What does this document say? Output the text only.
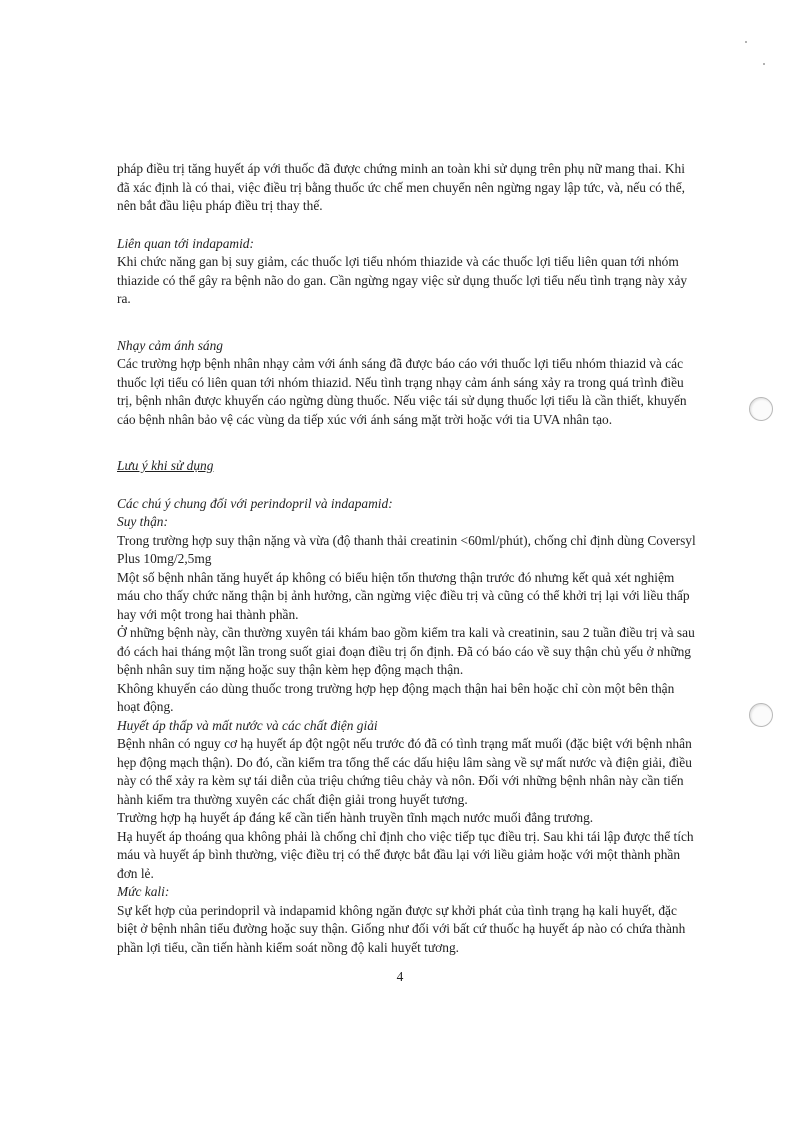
pháp điều trị tăng huyết áp với thuốc đã được chứng minh an toàn khi sử dụng trên phụ nữ mang thai. Khi đã xác định là có thai, việc điều trị bằng thuốc ức chế men chuyển nên ngừng ngay lập tức, và, nếu có thể, nên bắt đầu liệu pháp điều trị thay thế.

Liên quan tới indapamid:

Khi chức năng gan bị suy giảm, các thuốc lợi tiểu nhóm thiazide và các thuốc lợi tiểu liên quan tới nhóm thiazide có thể gây ra bệnh não do gan. Cần ngừng ngay việc sử dụng thuốc lợi tiểu nếu tình trạng này xảy ra.

Nhạy cảm ánh sáng

Các trường hợp bệnh nhân nhạy cảm với ánh sáng đã được báo cáo với thuốc lợi tiểu nhóm thiazid và các thuốc lợi tiểu có liên quan tới nhóm thiazid. Nếu tình trạng nhạy cảm ánh sáng xảy ra trong quá trình điều trị, bệnh nhân được khuyến cáo ngừng dùng thuốc. Nếu việc tái sử dụng thuốc lợi tiểu là cần thiết, khuyến cáo bệnh nhân bảo vệ các vùng da tiếp xúc với ánh sáng mặt trời hoặc với tia UVA nhân tạo.

Lưu ý khi sử dụng

Các chú ý chung đối với perindopril và indapamid:

Suy thận:

Trong trường hợp suy thận nặng và vừa (độ thanh thải creatinin <60ml/phút), chống chỉ định dùng Coversyl Plus 10mg/2,5mg

Một số bệnh nhân tăng huyết áp không có biểu hiện tổn thương thận trước đó nhưng kết quả xét nghiệm máu cho thấy chức năng thận bị ảnh hưởng, cần ngừng việc điều trị và cũng có thể khởi trị lại với liều thấp hay với một trong hai thành phần.

Ở những bệnh này, cần thường xuyên tái khám bao gồm kiểm tra kali và creatinin, sau 2 tuần điều trị và sau đó cách hai tháng một lần trong suốt giai đoạn điều trị ổn định. Đã có báo cáo về suy thận chủ yếu ở những bệnh nhân suy tim nặng hoặc suy thận kèm hẹp động mạch thận.

Không khuyến cáo dùng thuốc trong trường hợp hẹp động mạch thận hai bên hoặc chỉ còn một bên thận hoạt động.

Huyết áp thấp và mất nước và các chất điện giải

Bệnh nhân có nguy cơ hạ huyết áp đột ngột nếu trước đó đã có tình trạng mất muối (đặc biệt với bệnh nhân hẹp động mạch thận). Do đó, cần kiểm tra tổng thể các dấu hiệu lâm sàng về sự mất nước và điện giải, điều này có thể xảy ra kèm sự tái diễn của triệu chứng tiêu chảy và nôn. Đối với những bệnh nhân này cần tiến hành kiểm tra thường xuyên các chất điện giải trong huyết tương.

Trường hợp hạ huyết áp đáng kể cần tiến hành truyền tĩnh mạch nước muối đẳng trương.

Hạ huyết áp thoáng qua không phải là chống chỉ định cho việc tiếp tục điều trị. Sau khi tái lập được thể tích máu và huyết áp bình thường, việc điều trị có thể được bắt đầu lại với liều giảm hoặc với một thành phần đơn lẻ.

Mức kali:

Sự kết hợp của perindopril và indapamid không ngăn được sự khởi phát của tình trạng hạ kali huyết, đặc biệt ở bệnh nhân tiểu đường hoặc suy thận. Giống như đối với bất cứ thuốc hạ huyết áp nào có chứa thành phần lợi tiểu, cần tiến hành kiểm soát nồng độ kali huyết tương.

4
